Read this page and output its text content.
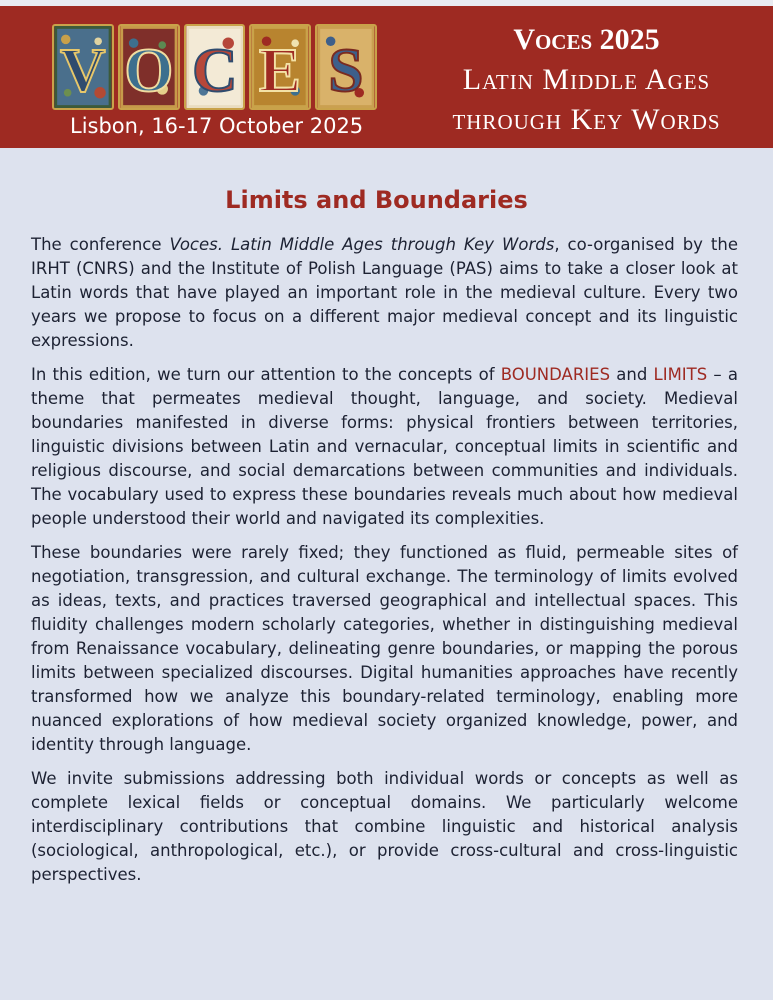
V O C E S
Lisbon, 16-17 October 2025
Voces 2025
Latin Middle Ages
through Key Words
Limits and Boundaries

The conference Voces. Latin Middle Ages through Key Words, co-organised by the IRHT (CNRS) and the Institute of Polish Language (PAS) aims to take a closer look at Latin words that have played an important role in the medieval culture. Every two years we propose to focus on a different major medieval concept and its linguistic expressions.

In this edition, we turn our attention to the concepts of BOUNDARIES and LIMITS – a theme that permeates medieval thought, language, and society. Medieval boundaries manifested in diverse forms: physical frontiers between territories, linguistic divisions between Latin and vernacular, conceptual limits in scientific and religious discourse, and social demarcations between communities and individuals. The vocabulary used to express these boundaries reveals much about how medieval people understood their world and navigated its complexities.

These boundaries were rarely fixed; they functioned as fluid, permeable sites of negotiation, transgression, and cultural exchange. The terminology of limits evolved as ideas, texts, and practices traversed geographical and intellectual spaces. This fluidity challenges modern scholarly categories, whether in distinguishing medieval from Renaissance vocabulary, delineating genre boundaries, or mapping the porous limits between specialized discourses. Digital humanities approaches have recently transformed how we analyze this boundary-related terminology, enabling more nuanced explorations of how medieval society organized knowledge, power, and identity through language.

We invite submissions addressing both individual words or concepts as well as complete lexical fields or conceptual domains. We particularly welcome interdisciplinary contributions that combine linguistic and historical analysis (sociological, anthropological, etc.), or provide cross-cultural and cross-linguistic perspectives.
